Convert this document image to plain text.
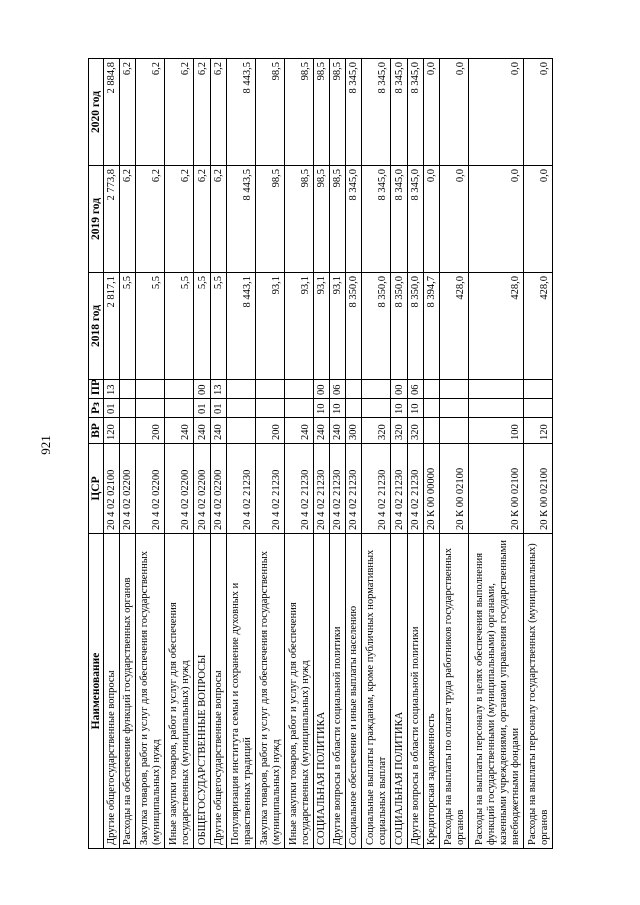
921
Наименование	ЦСР	ВР	Рз	ПР	2018 год	2019 год	2020 год
Другие общегосударственные вопросы	20 4 02 02100	120	01	13	2 817,1	2 773,8	2 884,8
Расходы на обеспечение функций государственных органов	20 4 02 02200				5,5	6,2	6,2
Закупка товаров, работ и услуг для обеспечения государственных (муниципальных) нужд	20 4 02 02200	200			5,5	6,2	6,2
Иные закупки товаров, работ и услуг для обеспечения государственных (муниципальных) нужд	20 4 02 02200	240			5,5	6,2	6,2
ОБЩЕГОСУДАРСТВЕННЫЕ ВОПРОСЫ	20 4 02 02200	240	01	00	5,5	6,2	6,2
Другие общегосударственные вопросы	20 4 02 02200	240	01	13	5,5	6,2	6,2
Популяризация института семьи и сохранение духовных и нравственных традиций	20 4 02 21230				8 443,1	8 443,5	8 443,5
Закупка товаров, работ и услуг для обеспечения государственных (муниципальных) нужд	20 4 02 21230	200			93,1	98,5	98,5
Иные закупки товаров, работ и услуг для обеспечения государственных (муниципальных) нужд	20 4 02 21230	240			93,1	98,5	98,5
СОЦИАЛЬНАЯ ПОЛИТИКА	20 4 02 21230	240	10	00	93,1	98,5	98,5
Другие вопросы в области социальной политики	20 4 02 21230	240	10	06	93,1	98,5	98,5
Социальное обеспечение и иные выплаты населению	20 4 02 21230	300			8 350,0	8 345,0	8 345,0
Социальные выплаты гражданам, кроме публичных нормативных социальных выплат	20 4 02 21230	320			8 350,0	8 345,0	8 345,0
СОЦИАЛЬНАЯ ПОЛИТИКА	20 4 02 21230	320	10	00	8 350,0	8 345,0	8 345,0
Другие вопросы в области социальной политики	20 4 02 21230	320	10	06	8 350,0	8 345,0	8 345,0
Кредиторская задолженность	20 К 00 00000				8 394,7	0,0	0,0
Расходы на выплаты по оплате труда работников государственных органов	20 К 00 02100				428,0	0,0	0,0
Расходы на выплаты персоналу в целях обеспечения выполнения функций государственными (муниципальными) органами, казенными учреждениями, органами управления государственными внебюджетными фондами	20 К 00 02100	100			428,0	0,0	0,0
Расходы на выплаты персоналу государственных (муниципальных) органов	20 К 00 02100	120			428,0	0,0	0,0
